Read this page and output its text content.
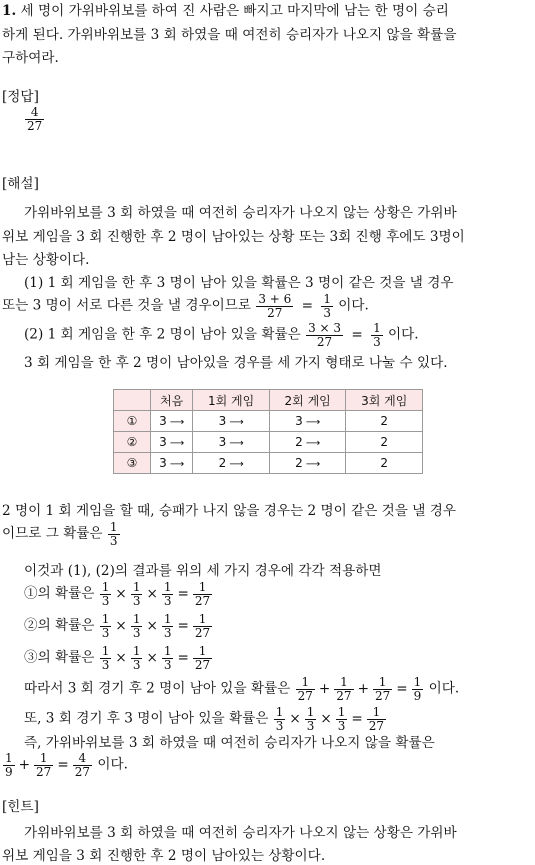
1. 세 명이 가위바위보를 하여 진 사람은 빠지고 마지막에 남는 한 명이 승리
하게 된다. 가위바위보를 3 회 하였을 때 여전히 승리자가 나오지 않을 확률을
구하여라.
[정답]
$\frac{4}{27}$
[해설]
가위바위보를 3 회 하였을 때 여전히 승리자가 나오지 않는 상황은 가위바
위보 게임을 3 회 진행한 후 2 명이 남아있는 상황 또는 3회 진행 후에도 3명이
남는 상황이다.
(1) 1 회 게임을 한 후 3 명이 남아 있을 확률은 3 명이 같은 것을 낼 경우
또는 3 명이 서로 다른 것을 낼 경우이므로 $\frac{3 + 6}{27} = \frac{1}{3}$ 이다.
(2) 1 회 게임을 한 후 2 명이 남아 있을 확률은 $\frac{3 \times 3}{27} = \frac{1}{3}$ 이다.
3 회 게임을 한 후 2 명이 남아있을 경우를 세 가지 형태로 나눌 수 있다.
	처음	1회 게임	2회 게임	3회 게임
①	3 ⟶	3 ⟶	3 ⟶	2
②	3 ⟶	3 ⟶	2 ⟶	2
③	3 ⟶	2 ⟶	2 ⟶	2
2 명이 1 회 게임을 할 때, 승패가 나지 않을 경우는 2 명이 같은 것을 낼 경우
이므로 그 확률은 $\frac{1}{3}$
이것과 (1), (2)의 결과를 위의 세 가지 경우에 각각 적용하면
①의 확률은 $\frac{1}{3} \times \frac{1}{3} \times \frac{1}{3} = \frac{1}{27}$
②의 확률은 $\frac{1}{3} \times \frac{1}{3} \times \frac{1}{3} = \frac{1}{27}$
③의 확률은 $\frac{1}{3} \times \frac{1}{3} \times \frac{1}{3} = \frac{1}{27}$
따라서 3 회 경기 후 2 명이 남아 있을 확률은 $\frac{1}{27} + \frac{1}{27} + \frac{1}{27} = \frac{1}{9}$ 이다.
또, 3 회 경기 후 3 명이 남아 있을 확률은 $\frac{1}{3} \times \frac{1}{3} \times \frac{1}{3} = \frac{1}{27}$
즉, 가위바위보를 3 회 하였을 때 여전히 승리자가 나오지 않을 확률은
$\frac{1}{9} + \frac{1}{27} = \frac{4}{27}$ 이다.
[힌트]
가위바위보를 3 회 하였을 때 여전히 승리자가 나오지 않는 상황은 가위바
위보 게임을 3 회 진행한 후 2 명이 남아있는 상황이다.
